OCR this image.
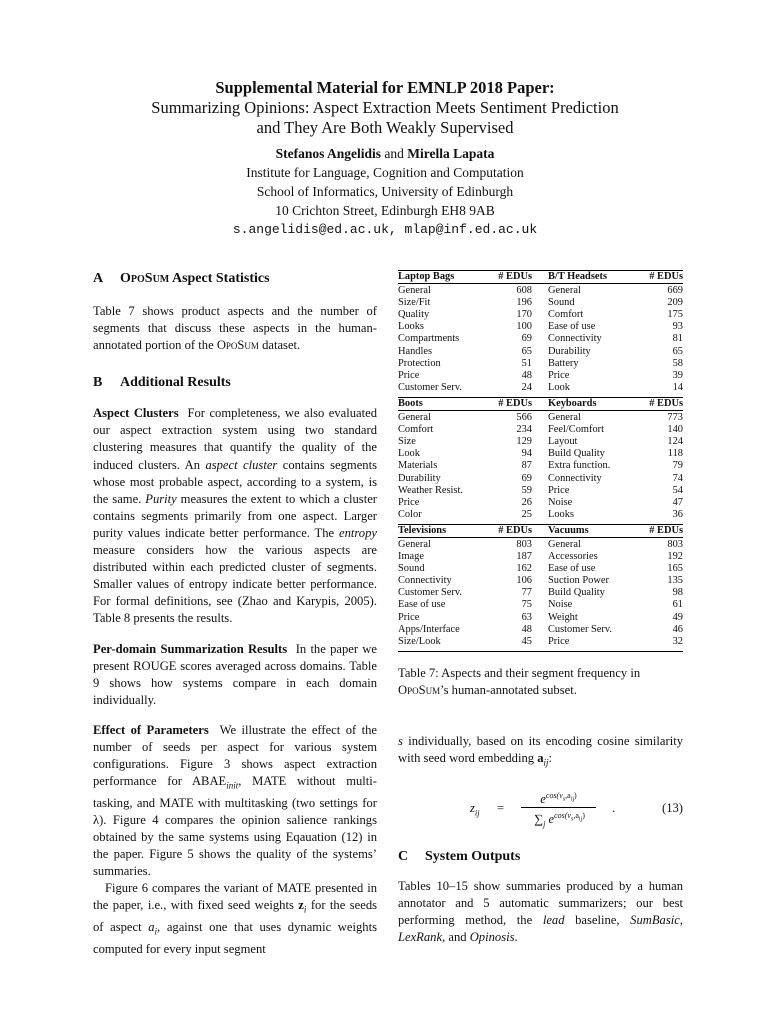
Supplemental Material for EMNLP 2018 Paper:
Summarizing Opinions: Aspect Extraction Meets Sentiment Prediction
and They Are Both Weakly Supervised
Stefanos Angelidis and Mirella Lapata
Institute for Language, Cognition and Computation
School of Informatics, University of Edinburgh
10 Crichton Street, Edinburgh EH8 9AB
s.angelidis@ed.ac.uk, mlap@inf.ed.ac.uk
A OpoSum Aspect Statistics

Table 7 shows product aspects and the number of segments that discuss these aspects in the human-annotated portion of the OpoSum dataset.

B Additional Results

Aspect Clusters For completeness, we also evaluated our aspect extraction system using two standard clustering measures that quantify the quality of the induced clusters. An aspect cluster contains segments whose most probable aspect, according to a system, is the same. Purity measures the extent to which a cluster contains segments primarily from one aspect. Larger purity values indicate better performance. The entropy measure considers how the various aspects are distributed within each predicted cluster of segments. Smaller values of entropy indicate better performance. For formal definitions, see (Zhao and Karypis, 2005). Table 8 presents the results.

Per-domain Summarization Results In the paper we present ROUGE scores averaged across domains. Table 9 shows how systems compare in each domain individually.

Effect of Parameters We illustrate the effect of the number of seeds per aspect for various system configurations. Figure 3 shows aspect extraction performance for $ABAE_{init}$, MATE without multi-tasking, and MATE with multitasking (two settings for λ). Figure 4 compares the opinion salience rankings obtained by the same systems using Eqauation (12) in the paper. Figure 5 shows the quality of the systems’ summaries.

Figure 6 compares the variant of MATE presented in the paper, i.e., with fixed seed weights $z_i$ for the seeds of aspect $a_i$, against one that uses dynamic weights computed for every input segment

Laptop Bags	# EDUs	B/T Headsets	# EDUs

General	608	General	669
Size/Fit	196	Sound	209
Quality	170	Comfort	175
Looks	100	Ease of use	93
Compartments	69	Connectivity	81
Handles	65	Durability	65
Protection	51	Battery	58
Price	48	Price	39
Customer Serv.	24	Look	14

Boots	# EDUs	Keyboards	# EDUs

General	566	General	773
Comfort	234	Feel/Comfort	140
Size	129	Layout	124
Look	94	Build Quality	118
Materials	87	Extra function.	79
Durability	69	Connectivity	74
Weather Resist.	59	Price	54
Price	26	Noise	47
Color	25	Looks	36

Televisions	# EDUs	Vacuums	# EDUs

General	803	General	803
Image	187	Accessories	192
Sound	162	Ease of use	165
Connectivity	106	Suction Power	135
Customer Serv.	77	Build Quality	98
Ease of use	75	Noise	61
Price	63	Weight	49
Apps/Interface	48	Customer Serv.	46
Size/Look	45	Price	32

Table 7: Aspects and their segment frequency in OpoSum’s human-annotated subset.

s individually, based on its encoding cosine similarity with seed word embedding $a_{ij}$:

$z_{ij}$ =
$e^{cos(v_s,a_{ij})}$
$\sum_j$ $e^{cos(v_s,a_{ij})}$
.	(13)
C System Outputs

Tables 10–15 show summaries produced by a human annotator and 5 automatic summarizers; our best performing method, the lead baseline, SumBasic, LexRank, and Opinosis.
